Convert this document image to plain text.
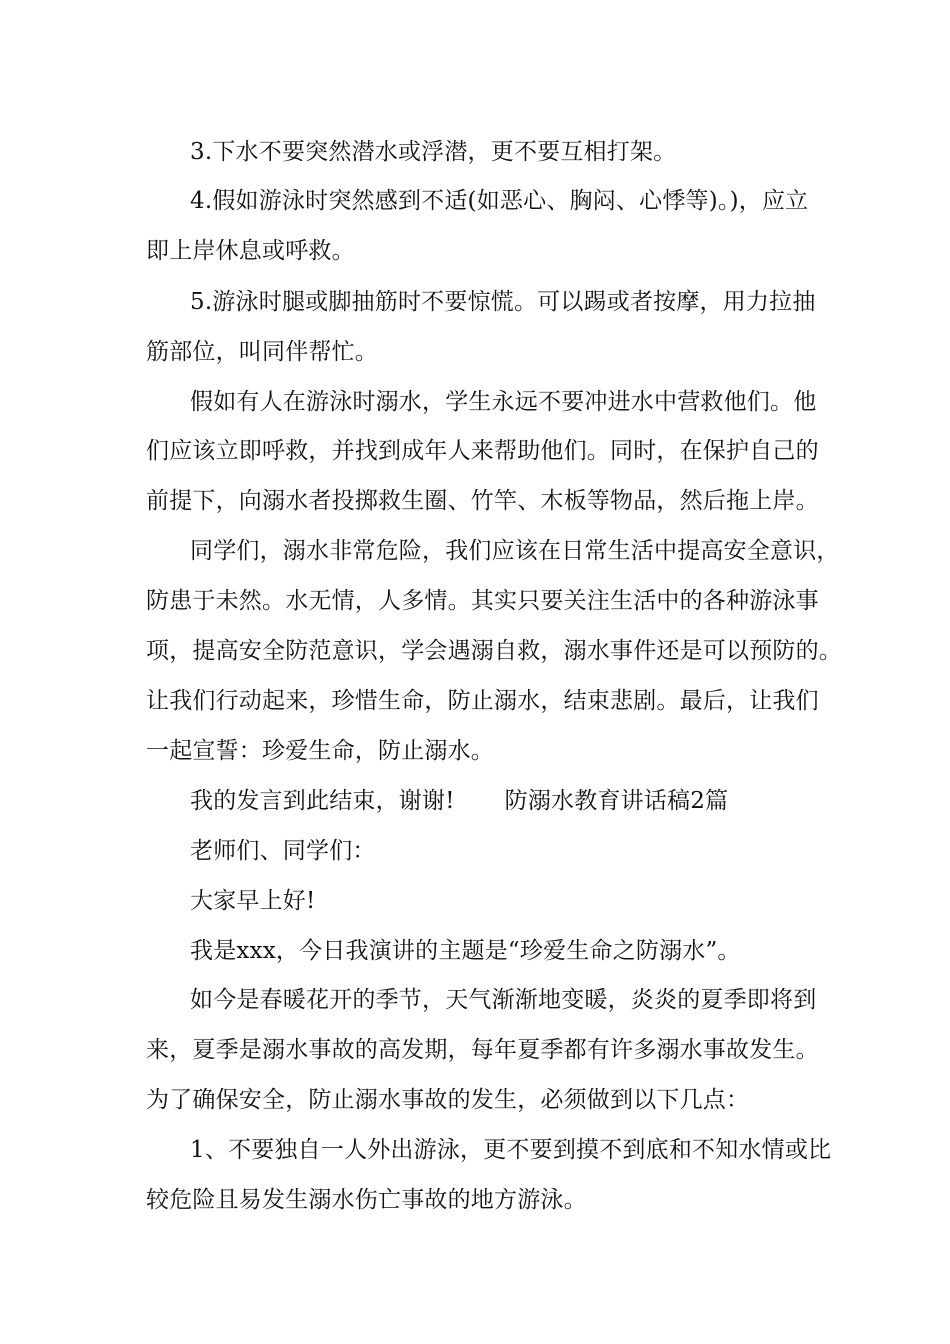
3.下水不要突然潜水或浮潜，更不要互相打架。
4.假如游泳时突然感到不适(如恶心、胸闷、心悸等)。)，应立
即上岸休息或呼救。
5.游泳时腿或脚抽筋时不要惊慌。可以踢或者按摩，用力拉抽
筋部位，叫同伴帮忙。
假如有人在游泳时溺水，学生永远不要冲进水中营救他们。他
们应该立即呼救，并找到成年人来帮助他们。同时，在保护自己的
前提下，向溺水者投掷救生圈、竹竿、木板等物品，然后拖上岸。
同学们，溺水非常危险，我们应该在日常生活中提高安全意识，
防患于未然。水无情，人多情。其实只要关注生活中的各种游泳事
项，提高安全防范意识，学会遇溺自救，溺水事件还是可以预防的。
让我们行动起来，珍惜生命，防止溺水，结束悲剧。最后，让我们
一起宣誓：珍爱生命，防止溺水。
我的发言到此结束，谢谢! 防溺水教育讲话稿2篇
老师们、同学们：
大家早上好!
我是xxx，今日我演讲的主题是“珍爱生命之防溺水”。
如今是春暖花开的季节，天气渐渐地变暖，炎炎的夏季即将到
来，夏季是溺水事故的高发期，每年夏季都有许多溺水事故发生。
为了确保安全，防止溺水事故的发生，必须做到以下几点：
1、不要独自一人外出游泳，更不要到摸不到底和不知水情或比
较危险且易发生溺水伤亡事故的地方游泳。
